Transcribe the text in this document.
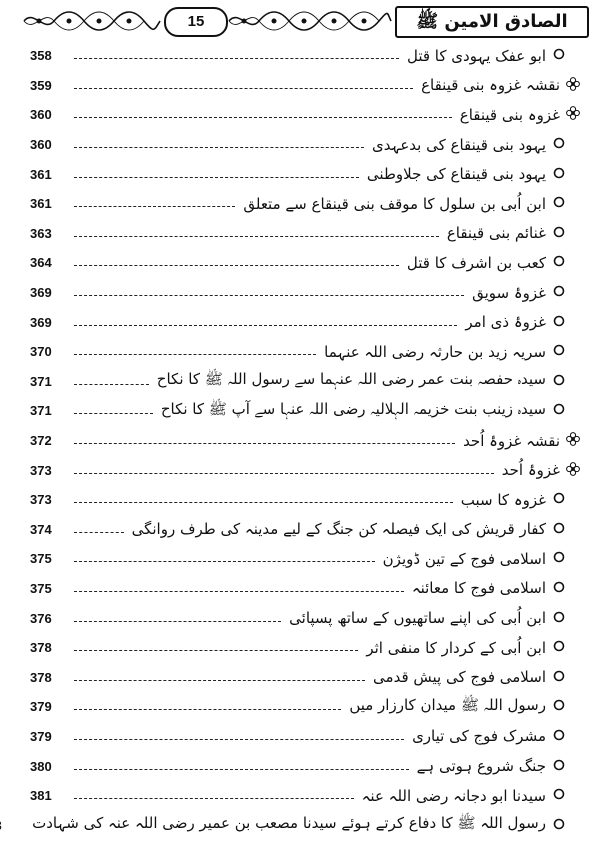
15	الصادق الامین ﷺ
ابو عفک یہودی کا قتل
358
نقشہ غزوہ بنی قینقاع
359
غزوہ بنی قینقاع
360
یہود بنی قینقاع کی بدعہدی
360
یہود بنی قینقاع کی جلاوطنی
361
ابن اُبی بن سلول کا موقف بنی قینقاع سے متعلق
361
غنائم بنی قینقاع
363
کعب بن اشرف کا قتل
364
غزوۂ سویق
369
غزوۂ ذی امر
369
سریہ زید بن حارثہ رضی اللہ عنہما
370
سیدہ حفصہ بنت عمر رضی اللہ عنہما سے رسول اللہ ﷺ کا نکاح
371
سیدہ زینب بنت خزیمہ الہلالیہ رضی اللہ عنہا سے آپ ﷺ کا نکاح
371
نقشہ غزوۂ اُحد
372
غزوۂ اُحد
373
غزوہ کا سبب
373
کفار قریش کی ایک فیصلہ کن جنگ کے لیے مدینہ کی طرف روانگی
374
اسلامی فوج کے تین ڈویژن
375
اسلامی فوج کا معائنہ
375
ابن اُبی کی اپنے ساتھیوں کے ساتھ پسپائی
376
ابن اُبی کے کردار کا منفی اثر
378
اسلامی فوج کی پیش قدمی
378
رسول اللہ ﷺ میدان کارزار میں
379
مشرک فوج کی تیاری
379
جنگ شروع ہوتی ہے
380
سیدنا ابو دجانہ رضی اللہ عنہ
381
رسول اللہ ﷺ کا دفاع کرتے ہوئے سیدنا مصعب بن عمیر رضی اللہ عنہ کی شہادت
